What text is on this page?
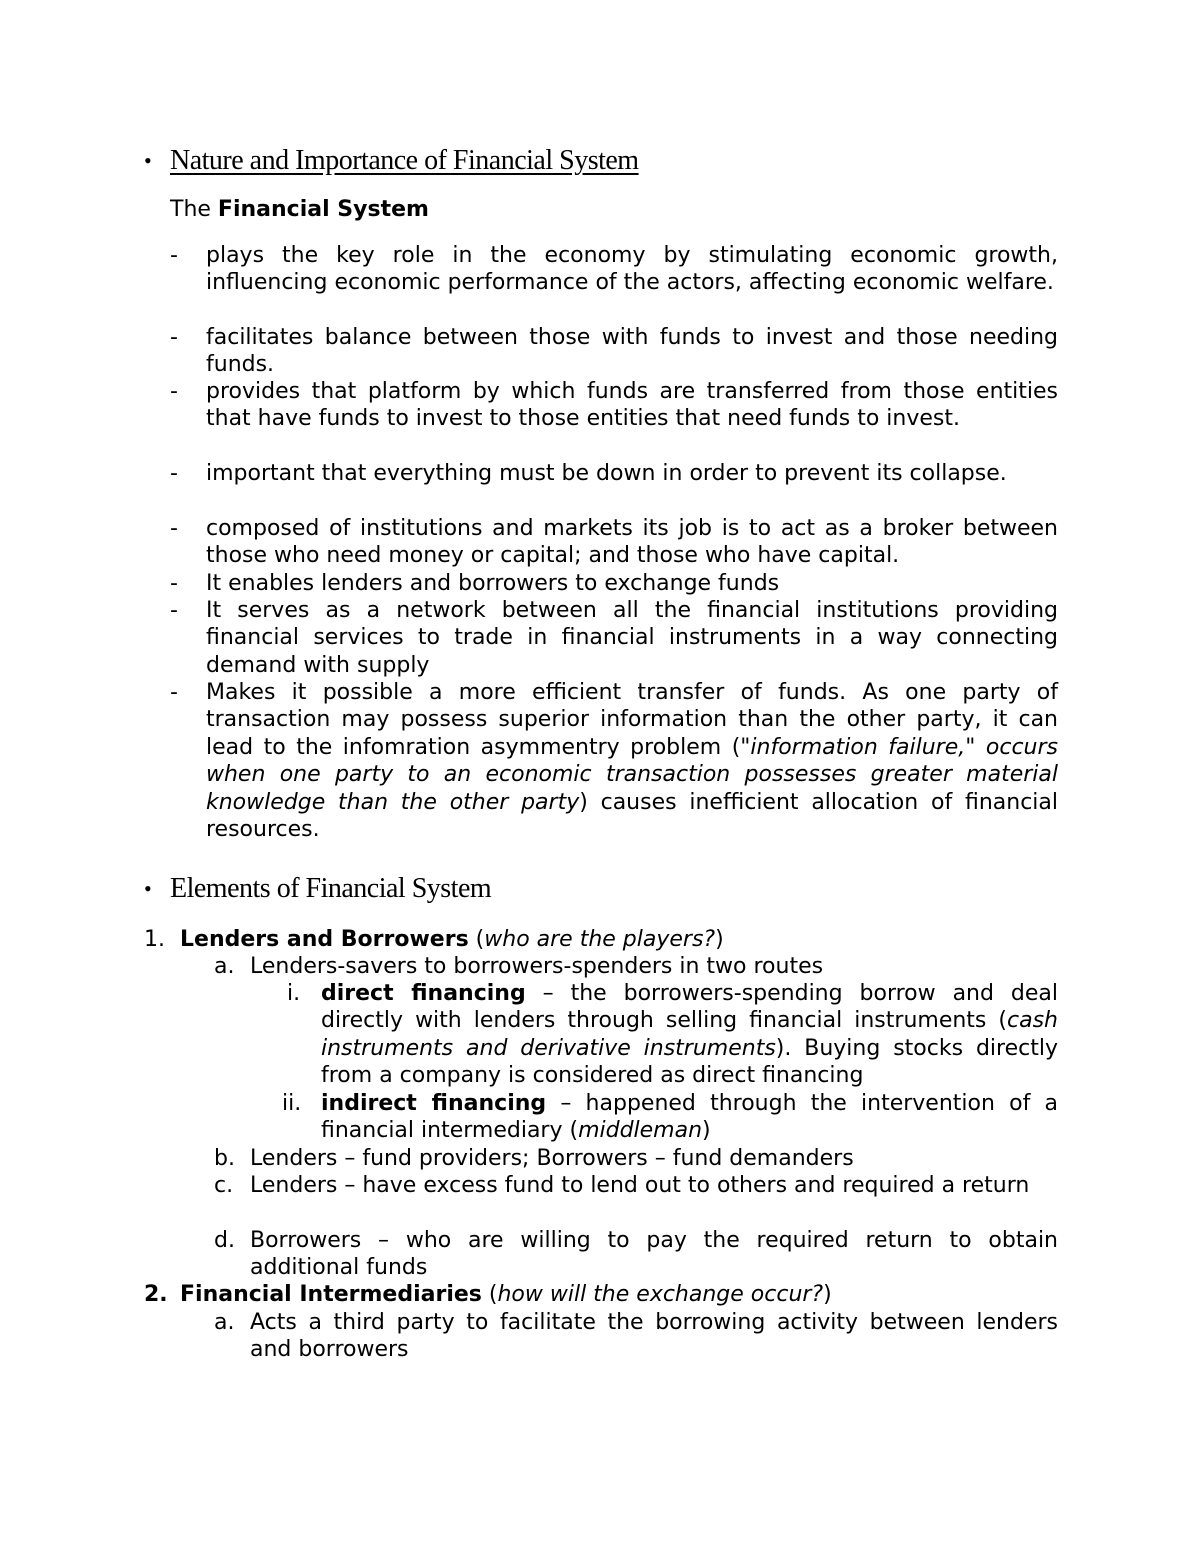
• Nature and Importance of Financial System
The Financial System
- plays the key role in the economy by stimulating economic growth, influencing economic performance of the actors, affecting economic welfare.
- facilitates balance between those with funds to invest and those needing funds.
- provides that platform by which funds are transferred from those entities that have funds to invest to those entities that need funds to invest.
- important that everything must be down in order to prevent its collapse.
- composed of institutions and markets its job is to act as a broker between those who need money or capital; and those who have capital.
- It enables lenders and borrowers to exchange funds
- It serves as a network between all the financial institutions providing financial services to trade in financial instruments in a way connecting demand with supply
- Makes it possible a more efficient transfer of funds. As one party of transaction may possess superior information than the other party, it can lead to the infomration asymmentry problem ("information failure," occurs when one party to an economic transaction possesses greater material knowledge than the other party) causes inefficient allocation of financial resources.
• Elements of Financial System
1. Lenders and Borrowers (who are the players?)
a. Lenders-savers to borrowers-spenders in two routes
i. direct financing – the borrowers-spending borrow and deal directly with lenders through selling financial instruments (cash instruments and derivative instruments). Buying stocks directly from a company is considered as direct financing
ii. indirect financing – happened through the intervention of a financial intermediary (middleman)
b. Lenders – fund providers; Borrowers – fund demanders
c. Lenders – have excess fund to lend out to others and required a return
d. Borrowers – who are willing to pay the required return to obtain additional funds
2. Financial Intermediaries (how will the exchange occur?)
a. Acts a third party to facilitate the borrowing activity between lenders and borrowers
